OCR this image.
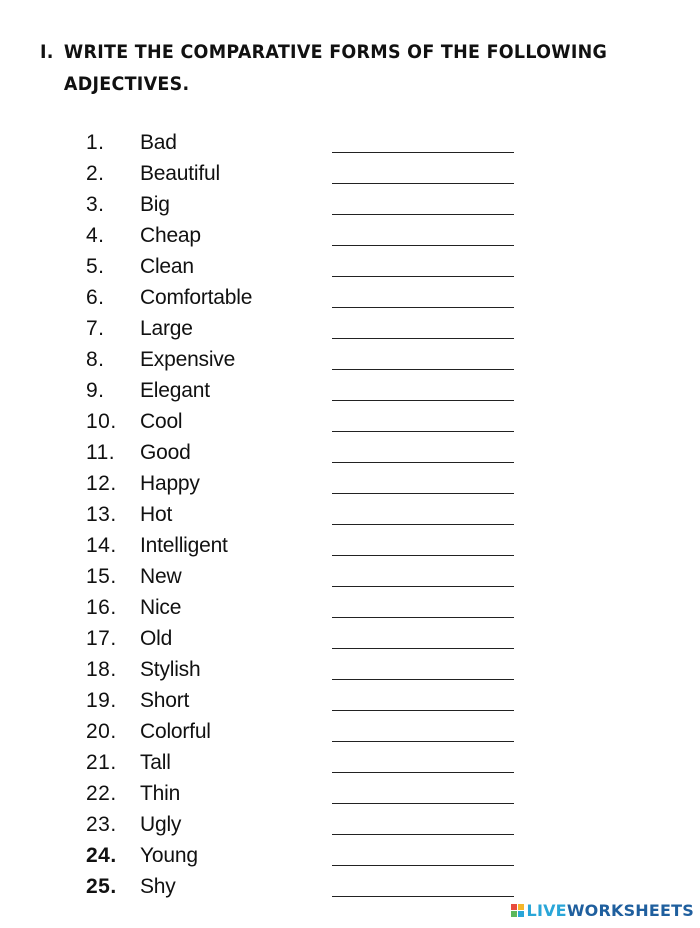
I. WRITE THE COMPARATIVE FORMS OF THE FOLLOWING
ADJECTIVES.
1.	Bad
2.	Beautiful
3.	Big
4.	Cheap
5.	Clean
6.	Comfortable
7.	Large
8.	Expensive
9.	Elegant
10.	Cool
11.	Good
12.	Happy
13.	Hot
14.	Intelligent
15.	New
16.	Nice
17.	Old
18.	Stylish
19.	Short
20.	Colorful
21.	Tall
22.	Thin
23.	Ugly
24.	Young
25.	Shy
LIVEWORKSHEETS
